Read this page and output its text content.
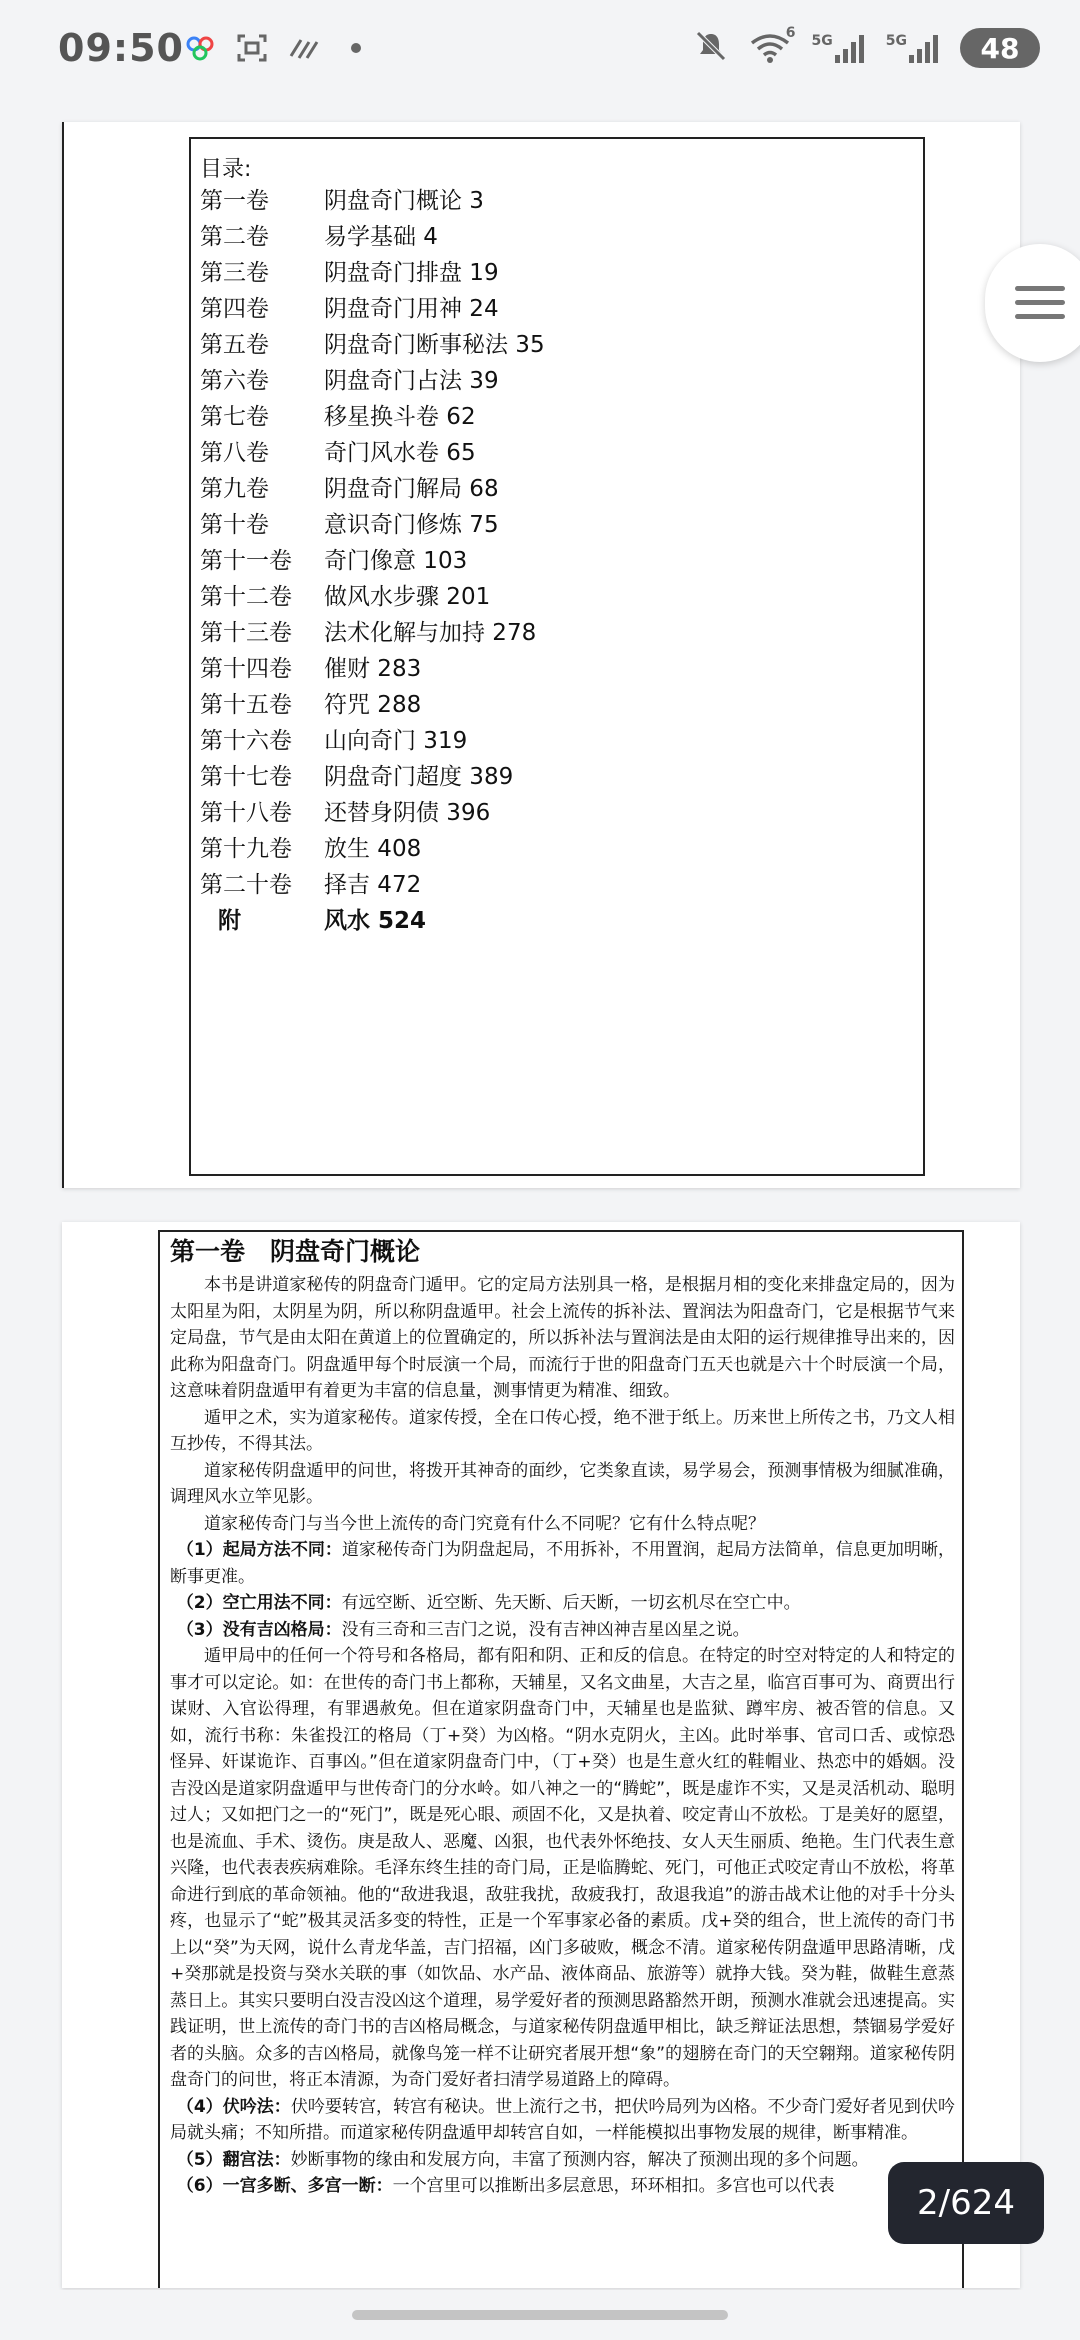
09:50	6 5G	5G	48
目录:
第一卷	阴盘奇门概论 3
第二卷	易学基础 4
第三卷	阴盘奇门排盘 19
第四卷	阴盘奇门用神 24
第五卷	阴盘奇门断事秘法 35
第六卷	阴盘奇门占法 39
第七卷	移星换斗卷 62
第八卷	奇门风水卷 65
第九卷	阴盘奇门解局 68
第十卷	意识奇门修炼 75
第十一卷	奇门像意 103
第十二卷	做风水步骤 201
第十三卷	法术化解与加持 278
第十四卷	催财 283
第十五卷	符咒 288
第十六卷	山向奇门 319
第十七卷	阴盘奇门超度 389
第十八卷	还替身阴债 396
第十九卷	放生 408
第二十卷	择吉 472
附	风水 524
第一卷　阴盘奇门概论

本书是讲道家秘传的阴盘奇门遁甲。它的定局方法别具一格，是根据月相的变化来排盘定局的，因为太阳星为阳，太阴星为阴，所以称阴盘遁甲。社会上流传的拆补法、置润法为阳盘奇门，它是根据节气来定局盘，节气是由太阳在黄道上的位置确定的，所以拆补法与置润法是由太阳的运行规律推导出来的，因此称为阳盘奇门。阴盘遁甲每个时辰演一个局，而流行于世的阳盘奇门五天也就是六十个时辰演一个局，这意味着阴盘遁甲有着更为丰富的信息量，测事情更为精准、细致。

遁甲之术，实为道家秘传。道家传授，全在口传心授，绝不泄于纸上。历来世上所传之书，乃文人相互抄传，不得其法。

道家秘传阴盘遁甲的问世，将拨开其神奇的面纱，它类象直读，易学易会，预测事情极为细腻准确，调理风水立竿见影。

道家秘传奇门与当今世上流传的奇门究竟有什么不同呢？它有什么特点呢？

（1）起局方法不同：道家秘传奇门为阴盘起局，不用拆补，不用置润，起局方法简单，信息更加明晰，断事更准。

（2）空亡用法不同：有远空断、近空断、先天断、后天断，一切玄机尽在空亡中。

（3）没有吉凶格局：没有三奇和三吉门之说，没有吉神凶神吉星凶星之说。

遁甲局中的任何一个符号和各格局，都有阳和阴、正和反的信息。在特定的时空对特定的人和特定的事才可以定论。如：在世传的奇门书上都称，天辅星，又名文曲星，大吉之星，临宫百事可为、商贾出行谋财、入官讼得理，有罪遇赦免。但在道家阴盘奇门中，天辅星也是监狱、蹲牢房、被否管的信息。又如，流行书称：朱雀投江的格局（丁+癸）为凶格。“阴水克阴火，主凶。此时举事、官司口舌、或惊恐怪异、奸谋诡诈、百事凶。”但在道家阴盘奇门中，（丁+癸）也是生意火红的鞋帽业、热恋中的婚姻。没吉没凶是道家阴盘遁甲与世传奇门的分水岭。如八神之一的“腾蛇”，既是虚诈不实，又是灵活机动、聪明过人；又如把门之一的“死门”，既是死心眼、顽固不化，又是执着、咬定青山不放松。丁是美好的愿望，也是流血、手术、烫伤。庚是敌人、恶魔、凶狠，也代表外怀绝技、女人天生丽质、绝艳。生门代表生意兴隆，也代表表疾病难除。毛泽东终生挂的奇门局，正是临腾蛇、死门，可他正式咬定青山不放松，将革命进行到底的革命领袖。他的“敌进我退，敌驻我扰，敌疲我打，敌退我追”的游击战术让他的对手十分头疼，也显示了“蛇”极其灵活多变的特性，正是一个军事家必备的素质。戊+癸的组合，世上流传的奇门书上以“癸”为天网，说什么青龙华盖，吉门招福，凶门多破败，概念不清。道家秘传阴盘遁甲思路清晰，戊+癸那就是投资与癸水关联的事（如饮品、水产品、液体商品、旅游等）就挣大钱。癸为鞋，做鞋生意蒸蒸日上。其实只要明白没吉没凶这个道理，易学爱好者的预测思路豁然开朗，预测水准就会迅速提高。实践证明，世上流传的奇门书的吉凶格局概念，与道家秘传阴盘遁甲相比，缺乏辩证法思想，禁锢易学爱好者的头脑。众多的吉凶格局，就像鸟笼一样不让研究者展开想“象”的翅膀在奇门的天空翱翔。道家秘传阴盘奇门的问世，将正本清源，为奇门爱好者扫清学易道路上的障碍。

（4）伏吟法：伏吟要转宫，转宫有秘诀。世上流行之书，把伏吟局列为凶格。不少奇门爱好者见到伏吟局就头痛；不知所措。而道家秘传阴盘遁甲却转宫自如，一样能模拟出事物发展的规律，断事精准。

（5）翻宫法：妙断事物的缘由和发展方向，丰富了预测内容，解决了预测出现的多个问题。

（6）一宫多断、多宫一断：一个宫里可以推断出多层意思，环环相扣。多宫也可以代表	2/624
